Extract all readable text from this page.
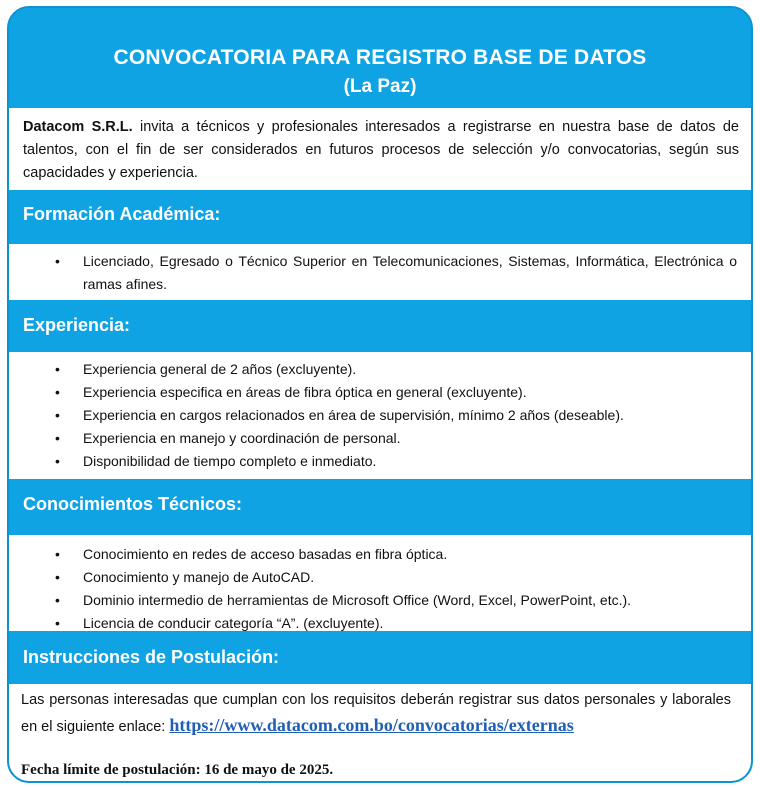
CONVOCATORIA PARA REGISTRO BASE DE DATOS
(La Paz)
Datacom S.R.L. invita a técnicos y profesionales interesados a registrarse en nuestra base de datos de talentos, con el fin de ser considerados en futuros procesos de selección y/o convocatorias, según sus capacidades y experiencia.
Formación Académica:
• Licenciado, Egresado o Técnico Superior en Telecomunicaciones, Sistemas, Informática, Electrónica o ramas afines.
Experiencia:
• Experiencia general de 2 años (excluyente).
• Experiencia especifica en áreas de fibra óptica en general (excluyente).
• Experiencia en cargos relacionados en área de supervisión, mínimo 2 años (deseable).
• Experiencia en manejo y coordinación de personal.
• Disponibilidad de tiempo completo e inmediato.
Conocimientos Técnicos:
• Conocimiento en redes de acceso basadas en fibra óptica.
• Conocimiento y manejo de AutoCAD.
• Dominio intermedio de herramientas de Microsoft Office (Word, Excel, PowerPoint, etc.).
• Licencia de conducir categoría “A”. (excluyente).
Instrucciones de Postulación:
Las personas interesadas que cumplan con los requisitos deberán registrar sus datos personales y laborales en el siguiente enlace: https://www.datacom.com.bo/convocatorias/externas
Fecha límite de postulación: 16 de mayo de 2025.
